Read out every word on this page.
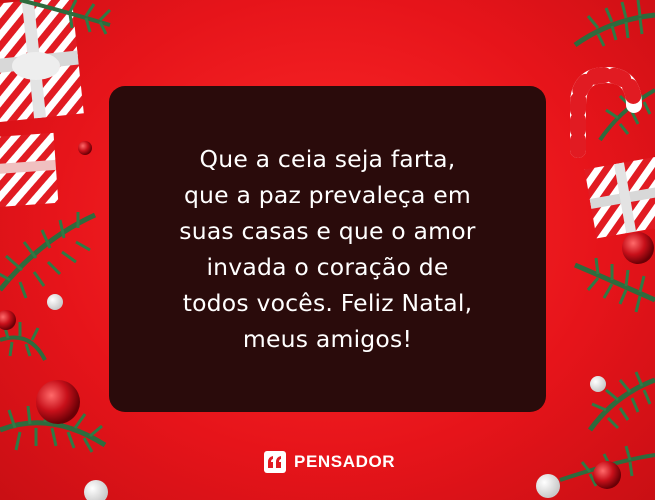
Que a ceia seja farta,
que a paz prevaleça em
suas casas e que o amor
invada o coração de
todos vocês. Feliz Natal,
meus amigos!

PENSADOR
